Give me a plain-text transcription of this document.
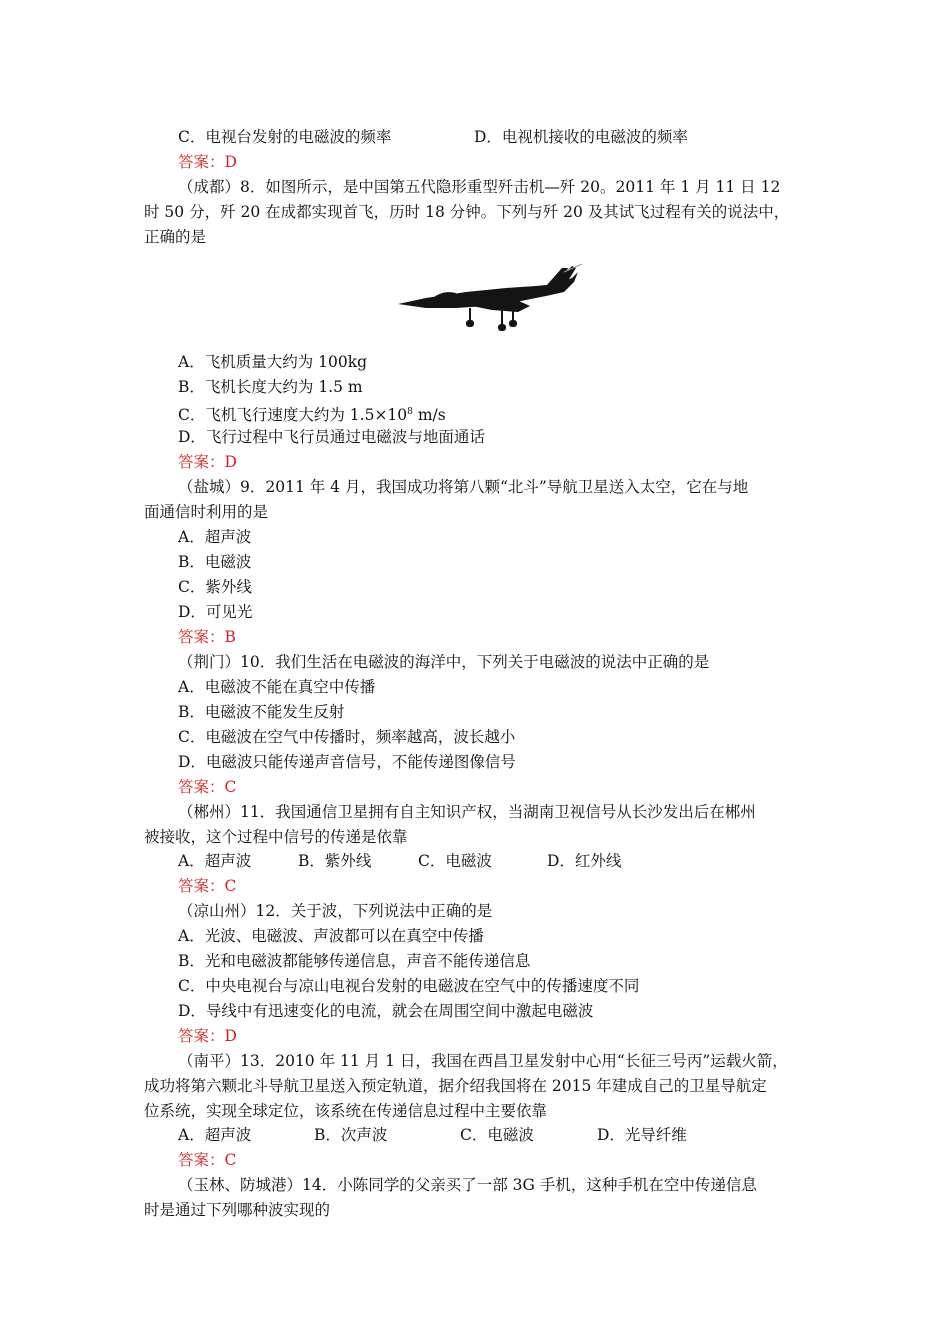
C．电视台发射的电磁波的频率	D．电视机接收的电磁波的频率
答案：D
（成都）8．如图所示，是中国第五代隐形重型歼击机—歼 20。2011 年 1 月 11 日 12
时 50 分，歼 20 在成都实现首飞，历时 18 分钟。下列与歼 20 及其试飞过程有关的说法中，
正确的是
A．飞机质量大约为 100kg
B．飞机长度大约为 1.5 m
C．飞机飞行速度大约为 $1.5\times 10^8$ m/s
D．飞行过程中飞行员通过电磁波与地面通话
答案：D
（盐城）9．2011 年 4 月，我国成功将第八颗“北斗”导航卫星送入太空，它在与地
面通信时利用的是
A．超声波
B．电磁波
C．紫外线
D．可见光
答案：B
（荆门）10．我们生活在电磁波的海洋中，下列关于电磁波的说法中正确的是
A．电磁波不能在真空中传播
B．电磁波不能发生反射
C．电磁波在空气中传播时，频率越高，波长越小
D．电磁波只能传递声音信号，不能传递图像信号
答案：C
（郴州）11．我国通信卫星拥有自主知识产权，当湖南卫视信号从长沙发出后在郴州
被接收，这个过程中信号的传递是依靠
A．超声波	B．紫外线	C．电磁波	D．红外线
答案：C
（凉山州）12．关于波，下列说法中正确的是
A．光波、电磁波、声波都可以在真空中传播
B．光和电磁波都能够传递信息，声音不能传递信息
C．中央电视台与凉山电视台发射的电磁波在空气中的传播速度不同
D．导线中有迅速变化的电流，就会在周围空间中激起电磁波
答案：D
（南平）13．2010 年 11 月 1 日，我国在西昌卫星发射中心用“长征三号丙”运载火箭，
成功将第六颗北斗导航卫星送入预定轨道，据介绍我国将在 2015 年建成自己的卫星导航定
位系统，实现全球定位，该系统在传递信息过程中主要依靠
A．超声波	B．次声波	C．电磁波	D．光导纤维
答案：C
（玉林、防城港）14．小陈同学的父亲买了一部 3G 手机，这种手机在空中传递信息
时是通过下列哪种波实现的
